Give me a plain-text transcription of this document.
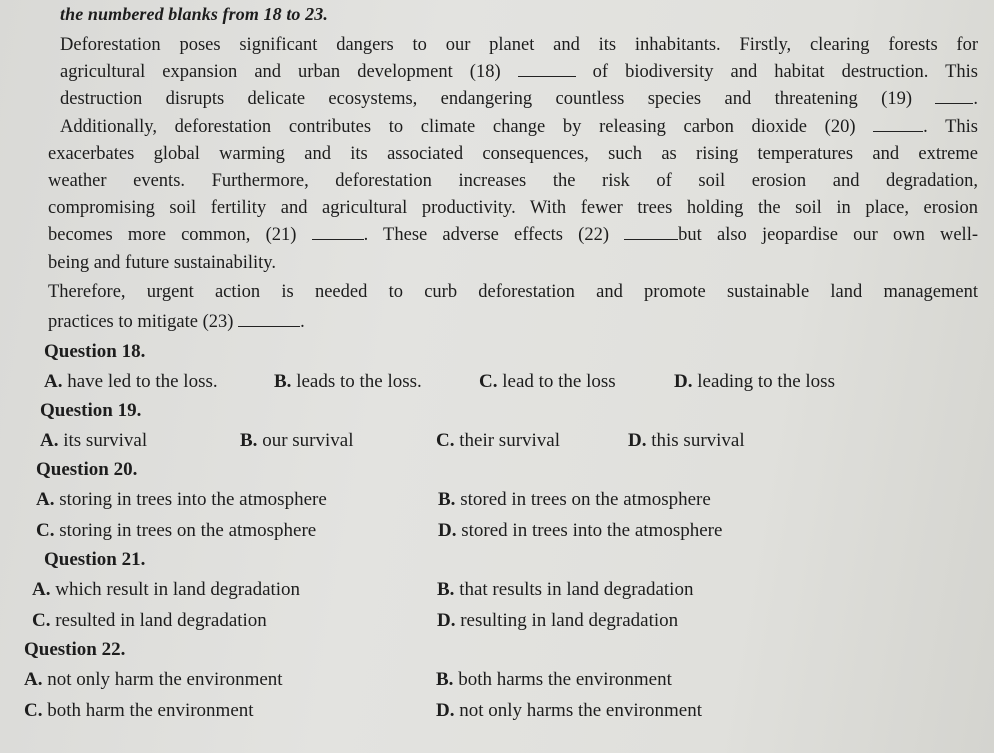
the numbered blanks from 18 to 23.

Deforestation poses significant dangers to our planet and its inhabitants. Firstly, clearing forests for

agricultural expansion and urban development (18)	of biodiversity and habitat destruction. This

destruction disrupts delicate ecosystems, endangering countless species and threatening (19) .

Additionally, deforestation contributes to climate change by releasing carbon dioxide (20)	. This

exacerbates global warming and its associated consequences, such as rising temperatures and extreme

weather events. Furthermore, deforestation increases the risk of soil erosion and degradation,

compromising soil fertility and agricultural productivity. With fewer trees holding the soil in place, erosion

becomes more common, (21)	. These adverse effects (22)	but also jeopardise our own well-

being and future sustainability.

Therefore, urgent action is needed to curb deforestation and promote sustainable land management

practices to mitigate (23)	.

Question 18.
A. have led to the loss.	B. leads to the loss.	C. lead to the loss	D. leading to the loss
Question 19.
A. its survival	B. our survival	C. their survival	D. this survival
Question 20.
A. storing in trees into the atmosphere	B. stored in trees on the atmosphere
C. storing in trees on the atmosphere	D. stored in trees into the atmosphere
Question 21.
A. which result in land degradation	B. that results in land degradation
C. resulted in land degradation	D. resulting in land degradation
Question 22.
A. not only harm the environment	B. both harms the environment
C. both harm the environment	D. not only harms the environment
